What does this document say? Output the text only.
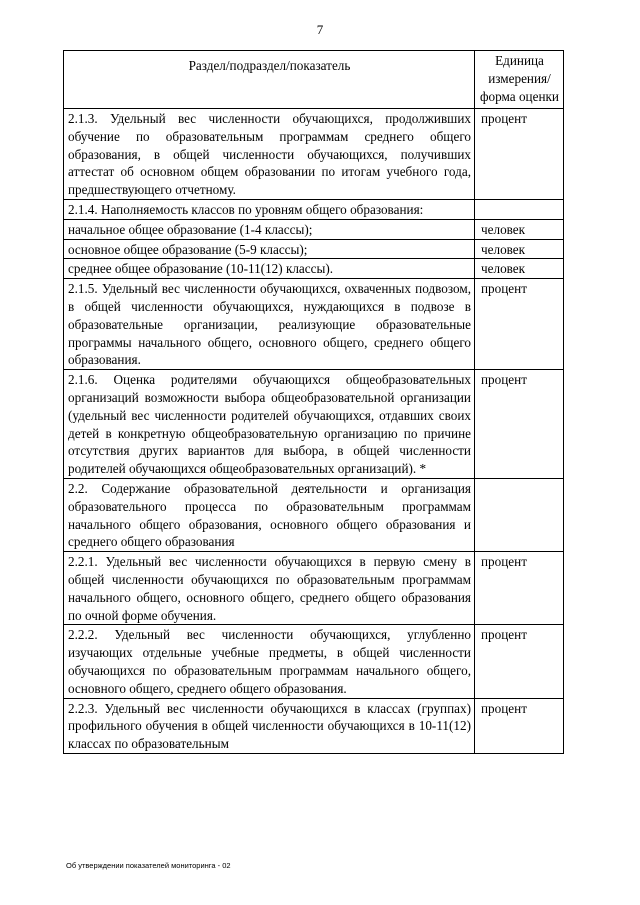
7
Раздел/подраздел/показатель	Единица измерения/ форма оценки
2.1.3. Удельный вес численности обучающихся, продолживших обучение по образовательным программам среднего общего образования, в общей численности обучающихся, получивших аттестат об основном общем образовании по итогам учебного года, предшествующего отчетному.	процент
2.1.4. Наполняемость классов по уровням общего образования:	
начальное общее образование (1-4 классы);	человек
основное общее образование (5-9 классы);	человек
среднее общее образование (10-11(12) классы).	человек
2.1.5. Удельный вес численности обучающихся, охваченных подвозом, в общей численности обучающихся, нуждающихся в подвозе в образовательные организации, реализующие образовательные программы начального общего, основного общего, среднего общего образования.	процент
2.1.6. Оценка родителями обучающихся общеобразовательных организаций возможности выбора общеобразовательной организации (удельный вес численности родителей обучающихся, отдавших своих детей в конкретную общеобразовательную организацию по причине отсутствия других вариантов для выбора, в общей численности родителей обучающихся общеобразовательных организаций). *	процент
2.2. Содержание образовательной деятельности и организация образовательного процесса по образовательным программам начального общего образования, основного общего образования и среднего общего образования	
2.2.1. Удельный вес численности обучающихся в первую смену в общей численности обучающихся по образовательным программам начального общего, основного общего, среднего общего образования по очной форме обучения.	процент
2.2.2. Удельный вес численности обучающихся, углубленно изучающих отдельные учебные предметы, в общей численности обучающихся по образовательным программам начального общего, основного общего, среднего общего образования.	процент
2.2.3. Удельный вес численности обучающихся в классах (группах) профильного обучения в общей численности обучающихся в 10-11(12) классах по образовательным	процент
Об утверждении показателей мониторинга - 02
